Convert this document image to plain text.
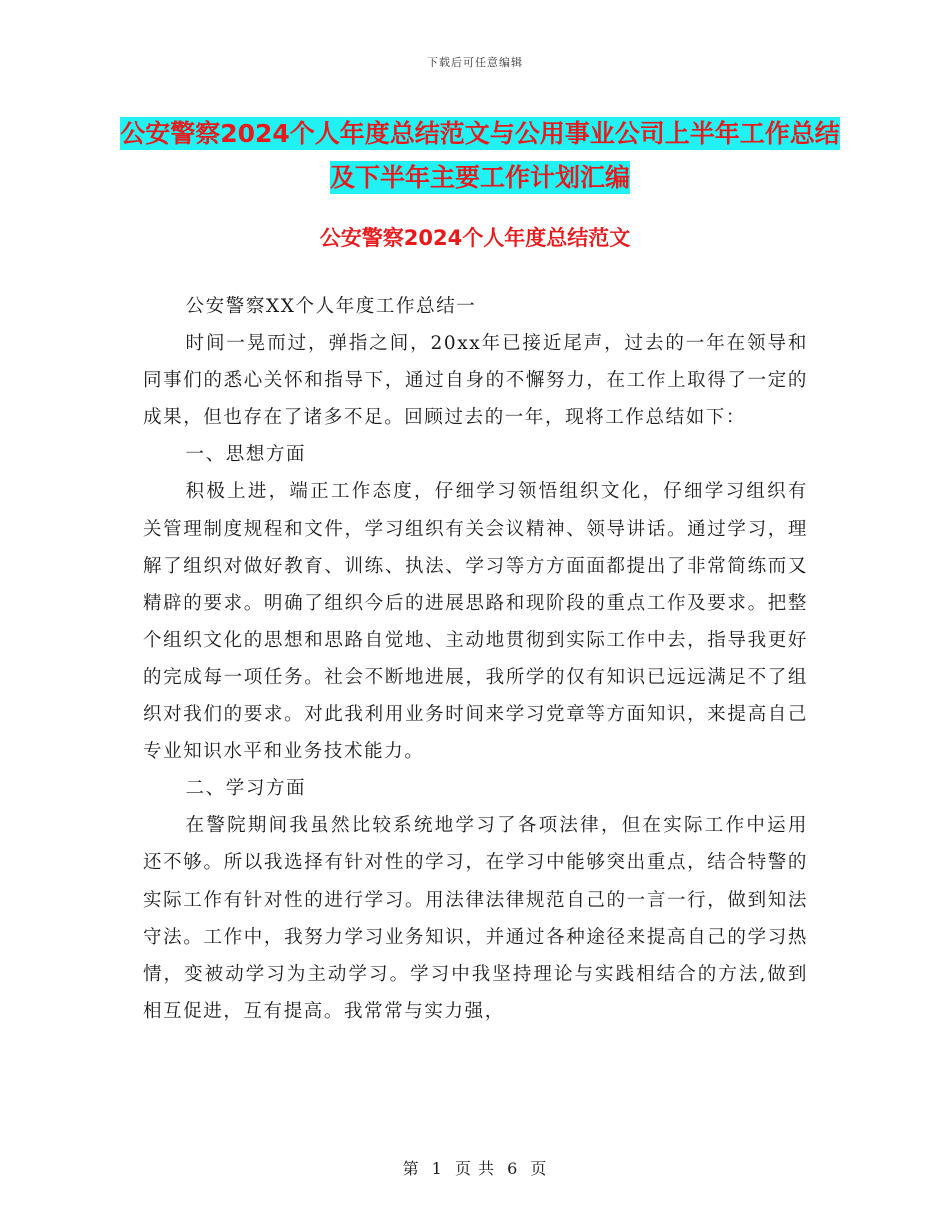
下载后可任意编辑
公安警察2024个人年度总结范文与公用事业公司上半年工作总结及下半年主要工作计划汇编
公安警察2024个人年度总结范文

公安警察XX个人年度工作总结一

时间一晃而过，弹指之间，20xx年已接近尾声，过去的一年在领导和同事们的悉心关怀和指导下，通过自身的不懈努力，在工作上取得了一定的成果，但也存在了诸多不足。回顾过去的一年，现将工作总结如下：

一、思想方面

积极上进，端正工作态度，仔细学习领悟组织文化，仔细学习组织有关管理制度规程和文件，学习组织有关会议精神、领导讲话。通过学习，理解了组织对做好教育、训练、执法、学习等方方面面都提出了非常简练而又精辟的要求。明确了组织今后的进展思路和现阶段的重点工作及要求。把整个组织文化的思想和思路自觉地、主动地贯彻到实际工作中去，指导我更好的完成每一项任务。社会不断地进展，我所学的仅有知识已远远满足不了组织对我们的要求。对此我利用业务时间来学习党章等方面知识，来提高自己专业知识水平和业务技术能力。

二、学习方面

在警院期间我虽然比较系统地学习了各项法律，但在实际工作中运用还不够。所以我选择有针对性的学习，在学习中能够突出重点，结合特警的实际工作有针对性的进行学习。用法律法律规范自己的一言一行，做到知法守法。工作中，我努力学习业务知识，并通过各种途径来提高自己的学习热情，变被动学习为主动学习。学习中我坚持理论与实践相结合的方法,做到相互促进，互有提高。我常常与实力强，

第 1 页 共 6 页
